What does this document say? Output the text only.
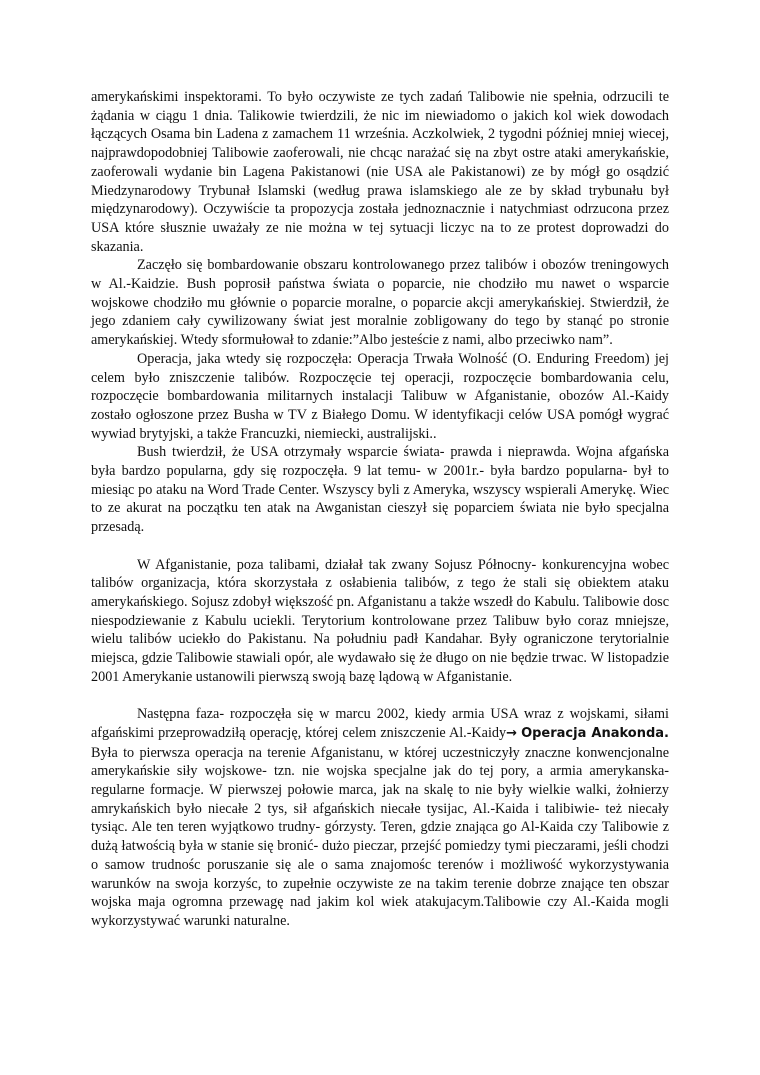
amerykańskimi inspektorami. To było oczywiste ze tych zadań Talibowie nie spełnia, odrzucili te żądania w ciągu 1 dnia. Talikowie twierdzili, że nic im niewiadomo o jakich kol wiek dowodach łączących Osama bin Ladena z zamachem 11 września. Aczkolwiek, 2 tygodni później mniej wiecej, najprawdopodobniej Talibowie zaoferowali, nie chcąc narażać się na zbyt ostre ataki amerykańskie, zaoferowali wydanie bin Lagena Pakistanowi (nie USA ale Pakistanowi) ze by mógł go osądzić Miedzynarodowy Trybunał Islamski (według prawa islamskiego ale ze by skład trybunału był międzynarodowy). Oczywiście ta propozycja została jednoznacznie i natychmiast odrzucona przez USA które słusznie uważały ze nie można w tej sytuacji liczyc na to ze protest doprowadzi do skazania.

Zaczęło się bombardowanie obszaru kontrolowanego przez talibów i obozów treningowych w Al.-Kaidzie. Bush poprosił państwa świata o poparcie, nie chodziło mu nawet o wsparcie wojskowe chodziło mu głównie o poparcie moralne, o poparcie akcji amerykańskiej. Stwierdził, że jego zdaniem cały cywilizowany świat jest moralnie zobligowany do tego by stanąć po stronie amerykańskiej. Wtedy sformułował to zdanie:”Albo jesteście z nami, albo przeciwko nam”.

Operacja, jaka wtedy się rozpoczęła: Operacja Trwała Wolność (O. Enduring Freedom) jej celem było zniszczenie talibów. Rozpoczęcie tej operacji, rozpoczęcie bombardowania celu, rozpoczęcie bombardowania militarnych instalacji Talibuw w Afganistanie, obozów Al.-Kaidy zostało ogłoszone przez Busha w TV z Białego Domu. W identyfikacji celów USA pomógł wygrać wywiad brytyjski, a także Francuzki, niemiecki, australijski..

Bush twierdził, że USA otrzymały wsparcie świata- prawda i nieprawda. Wojna afgańska była bardzo popularna, gdy się rozpoczęła. 9 lat temu- w 2001r.- była bardzo popularna- był to miesiąc po ataku na Word Trade Center. Wszyscy byli z Ameryka, wszyscy wspierali Amerykę. Wiec to ze akurat na początku ten atak na Awganistan cieszył się poparciem świata nie było specjalna przesadą.

W Afganistanie, poza talibami, działał tak zwany Sojusz Północny- konkurencyjna wobec talibów organizacja, która skorzystała z osłabienia talibów, z tego że stali się obiektem ataku amerykańskiego. Sojusz zdobył większość pn. Afganistanu a także wszedł do Kabulu. Talibowie dosc niespodziewanie z Kabulu uciekli. Terytorium kontrolowane przez Talibuw było coraz mniejsze, wielu talibów uciekło do Pakistanu. Na południu padł Kandahar. Były ograniczone terytorialnie miejsca, gdzie Talibowie stawiali opór, ale wydawało się że długo on nie będzie trwac. W listopadzie 2001 Amerykanie ustanowili pierwszą swoją bazę lądową w Afganistanie.

Następna faza- rozpoczęła się w marcu 2002, kiedy armia USA wraz z wojskami, siłami afgańskimi przeprowadziłą operację, której celem zniszczenie Al.-Kaidy→ Operacja Anakonda. Była to pierwsza operacja na terenie Afganistanu, w której uczestniczyły znaczne konwencjonalne amerykańskie siły wojskowe- tzn. nie wojska specjalne jak do tej pory, a armia amerykanska- regularne formacje. W pierwszej połowie marca, jak na skalę to nie były wielkie walki, żołnierzy amrykańskich było niecałe 2 tys, sił afgańskich niecałe tysijac, Al.-Kaida i talibiwie- też niecały tysiąc. Ale ten teren wyjątkowo trudny- górzysty. Teren, gdzie znająca go Al-Kaida czy Talibowie z dużą łatwością była w stanie się bronić- dużo pieczar, przejść pomiedzy tymi pieczarami, jeśli chodzi o samow trudnośc poruszanie się ale o sama znajomośc terenów i możliwość wykorzystywania warunków na swoja korzyśc, to zupełnie oczywiste ze na takim terenie dobrze znające ten obszar wojska maja ogromna przewagę nad jakim kol wiek atakujacym.Talibowie czy Al.-Kaida mogli wykorzystywać warunki naturalne.
